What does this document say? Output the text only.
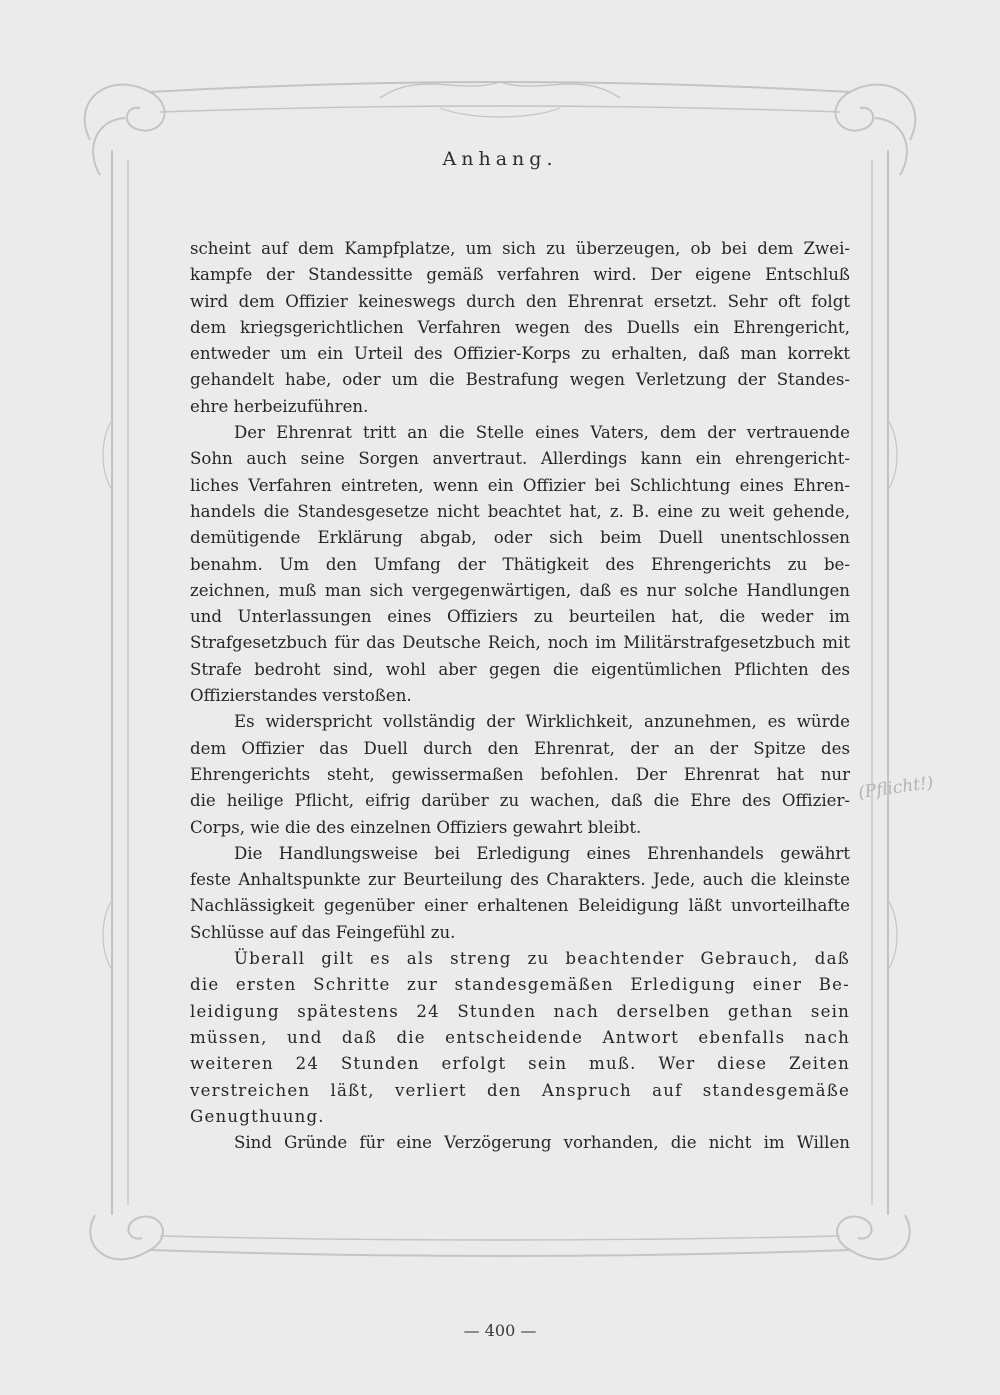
Anhang.
scheint auf dem Kampfplatze, um sich zu überzeugen, ob bei dem Zwei-
kampfe der Standessitte gemäß verfahren wird. Der eigene Entschluß
wird dem Offizier keineswegs durch den Ehrenrat ersetzt. Sehr oft folgt
dem kriegsgerichtlichen Verfahren wegen des Duells ein Ehrengericht,
entweder um ein Urteil des Offizier-Korps zu erhalten, daß man korrekt
gehandelt habe, oder um die Bestrafung wegen Verletzung der Standes-
ehre herbeizuführen.
Der Ehrenrat tritt an die Stelle eines Vaters, dem der vertrauende
Sohn auch seine Sorgen anvertraut. Allerdings kann ein ehrengericht-
liches Verfahren eintreten, wenn ein Offizier bei Schlichtung eines Ehren-
handels die Standesgesetze nicht beachtet hat, z. B. eine zu weit gehende,
demütigende Erklärung abgab, oder sich beim Duell unentschlossen
benahm. Um den Umfang der Thätigkeit des Ehrengerichts zu be-
zeichnen, muß man sich vergegenwärtigen, daß es nur solche Handlungen
und Unterlassungen eines Offiziers zu beurteilen hat, die weder im
Strafgesetzbuch für das Deutsche Reich, noch im Militärstrafgesetzbuch mit
Strafe bedroht sind, wohl aber gegen die eigentümlichen Pflichten des
Offizierstandes verstoßen.
Es widerspricht vollständig der Wirklichkeit, anzunehmen, es würde
dem Offizier das Duell durch den Ehrenrat, der an der Spitze des
Ehrengerichts steht, gewissermaßen befohlen. Der Ehrenrat hat nur
die heilige Pflicht, eifrig darüber zu wachen, daß die Ehre des Offizier-
Corps, wie die des einzelnen Offiziers gewahrt bleibt.
Die Handlungsweise bei Erledigung eines Ehrenhandels gewährt
feste Anhaltspunkte zur Beurteilung des Charakters. Jede, auch die kleinste
Nachlässigkeit gegenüber einer erhaltenen Beleidigung läßt unvorteilhafte
Schlüsse auf das Feingefühl zu.
Überall gilt es als streng zu beachtender Gebrauch, daß
die ersten Schritte zur standesgemäßen Erledigung einer Be-
leidigung spätestens 24 Stunden nach derselben gethan sein
müssen, und daß die entscheidende Antwort ebenfalls nach
weiteren 24 Stunden erfolgt sein muß. Wer diese Zeiten
verstreichen läßt, verliert den Anspruch auf standesgemäße
Genugthuung.
Sind Gründe für eine Verzögerung vorhanden, die nicht im Willen
(Pflicht!)
— 400 —
